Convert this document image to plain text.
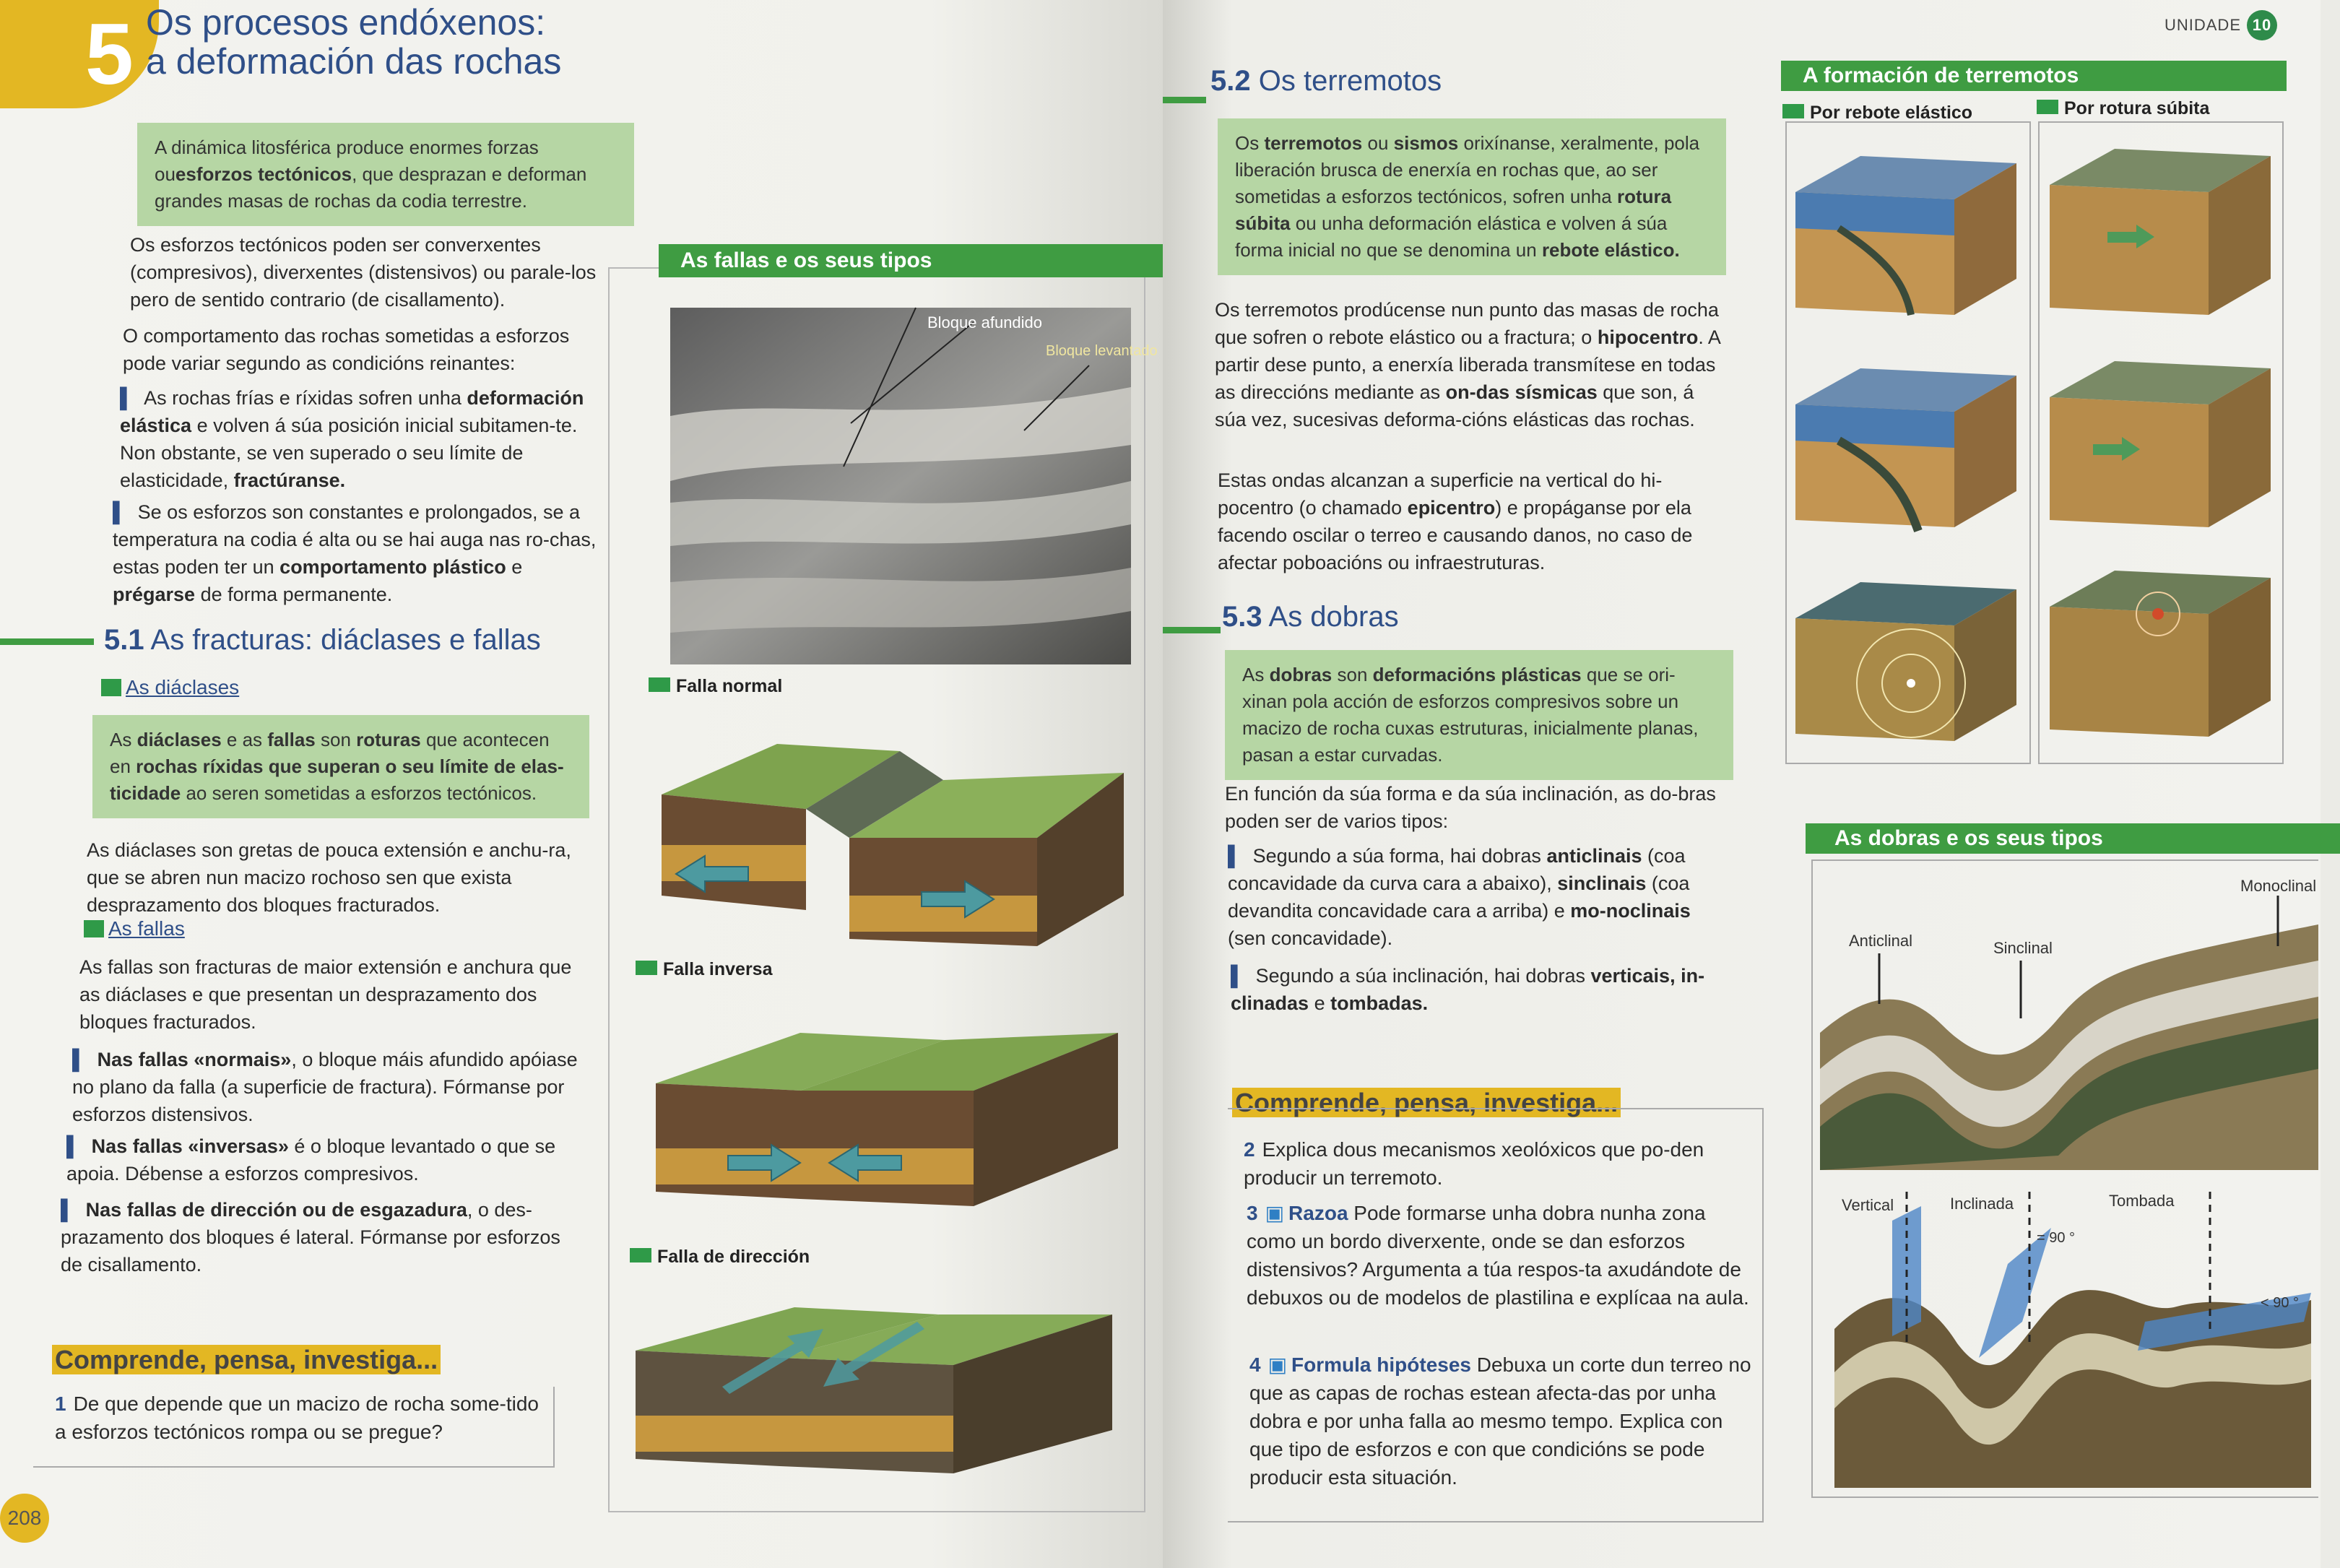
5 Os procesos endóxenos:
a deformación das rochas
A dinámica litosférica produce enormes forzas ouesforzos tectónicos, que desprazan e deforman grandes masas de rochas da codia terrestre.
Os esforzos tectónicos poden ser converxentes (compresivos), diverxentes (distensivos) ou parale-los pero de sentido contrario (de cisallamento).
O comportamento das rochas sometidas a esforzos pode variar segundo as condicións reinantes:
▌ As rochas frías e ríxidas sofren unha deformación elástica e volven á súa posición inicial subitamen-te. Non obstante, se ven superado o seu límite de elasticidade, fractúranse.
▌ Se os esforzos son constantes e prolongados, se a temperatura na codia é alta ou se hai auga nas ro-chas, estas poden ter un comportamento plástico e prégarse de forma permanente.
5.1 As fracturas: diáclases e fallas
As diáclases
As diáclases e as fallas son roturas que acontecen en rochas ríxidas que superan o seu límite de elas-ticidade ao seren sometidas a esforzos tectónicos.
As diáclases son gretas de pouca extensión e anchu-ra, que se abren nun macizo rochoso sen que exista desprazamento dos bloques fracturados.
As fallas
As fallas son fracturas de maior extensión e anchura que as diáclases e que presentan un desprazamento dos bloques fracturados.
▌ Nas fallas «normais», o bloque máis afundido apóiase no plano da falla (a superficie de fractura). Fórmanse por esforzos distensivos.
▌ Nas fallas «inversas» é o bloque levantado o que se apoia. Débense a esforzos compresivos.
▌ Nas fallas de dirección ou de esgazadura, o des-prazamento dos bloques é lateral. Fórmanse por esforzos de cisallamento.
Comprende, pensa, investiga...
1 De que depende que un macizo de rocha some-tido a esforzos tectónicos rompa ou se pregue?
208
As fallas e os seus tipos
Bloque afundido
Bloque levantado
Falla normal
Falla inversa
Falla de dirección
UNIDADE 10
5.2 Os terremotos
Os terremotos ou sismos orixínanse, xeralmente, pola liberación brusca de enerxía en rochas que, ao ser sometidas a esforzos tectónicos, sofren unha rotura súbita ou unha deformación elástica e volven á súa forma inicial no que se denomina un rebote elástico.
Os terremotos prodúcense nun punto das masas de rocha que sofren o rebote elástico ou a fractura; o hipocentro. A partir dese punto, a enerxía liberada transmítese en todas as direccións mediante as on-das sísmicas que son, á súa vez, sucesivas deforma-cións elásticas das rochas.
Estas ondas alcanzan a superficie na vertical do hi-pocentro (o chamado epicentro) e propáganse por ela facendo oscilar o terreo e causando danos, no caso de afectar poboacións ou infraestruturas.
5.3 As dobras
As dobras son deformacións plásticas que se ori-xinan pola acción de esforzos compresivos sobre un macizo de rocha cuxas estruturas, inicialmente planas, pasan a estar curvadas.
En función da súa forma e da súa inclinación, as do-bras poden ser de varios tipos:
▌ Segundo a súa forma, hai dobras anticlinais (coa concavidade da curva cara a abaixo), sinclinais (coa devandita concavidade cara a arriba) e mo-noclinais (sen concavidade).
▌ Segundo a súa inclinación, hai dobras verticais, in-clinadas e tombadas.
Comprende, pensa, investiga...
2 Explica dous mecanismos xeolóxicos que po-den producir un terremoto.
3 ▣ Razoa Pode formarse unha dobra nunha zona como un bordo diverxente, onde se dan esforzos distensivos? Argumenta a túa respos-ta axudándote de debuxos ou de modelos de plastilina e explícaa na aula.
4 ▣ Formula hipóteses Debuxa un corte dun terreo no que as capas de rochas estean afecta-das por unha dobra e por unha falla ao mesmo tempo. Explica con que tipo de esforzos e con que condicións se pode producir esta situación.
A formación de terremotos
Por rebote elástico	Por rotura súbita
As dobras e os seus tipos
Anticlinal	Sinclinal
Monoclinal
Vertical	Inclinada	Tombada
= 90 °
< 90 °
